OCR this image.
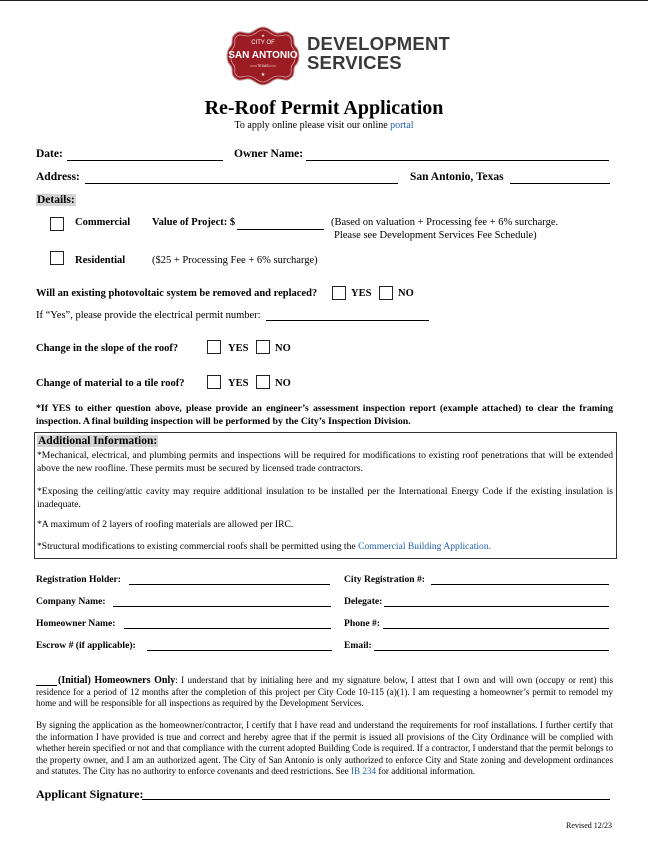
CITY OF
SAN ANTONIO
TEXAS
★
★ DEVELOPMENT
SERVICES
Re-Roof Permit Application
To apply online please visit our online portal
Date:	Owner Name:
Address:	San Antonio, Texas
Details:
Commercial Value of Project: $	(Based on valuation + Processing fee + 6% surcharge.
Please see Development Services Fee Schedule)
Residential	($25 + Processing Fee + 6% surcharge)
Will an existing photovoltaic system be removed and replaced?	YES	NO
If “Yes”, please provide the electrical permit number:
Change in the slope of the roof?	YES	NO
Change of material to a tile roof?	YES	NO

*If YES to either question above, please provide an engineer’s assessment inspection report (example attached) to clear the framing inspection. A final building inspection will be performed by the City’s Inspection Division.

Additional Information:

*Mechanical, electrical, and plumbing permits and inspections will be required for modifications to existing roof penetrations that will be extended above the new roofline. These permits must be secured by licensed trade contractors.

*Exposing the ceiling/attic cavity may require additional insulation to be installed per the International Energy Code if the existing insulation is inadequate.

*A maximum of 2 layers of roofing materials are allowed per IRC.

*Structural modifications to existing commercial roofs shall be permitted using the Commercial Building Application.

Registration Holder:	City Registration #:
Company Name:	Delegate:
Homeowner Name:	Phone #:
Escrow # (if applicable):	Email:

(Initial) Homeowners Only: I understand that by initialing here and my signature below, I attest that I own and will own (occupy or rent) this residence for a period of 12 months after the completion of this project per City Code 10-115 (a)(1). I am requesting a homeowner’s permit to remodel my home and will be responsible for all inspections as required by the Development Services.

By signing the application as the homeowner/contractor, I certify that I have read and understand the requirements for roof installations. I further certify that the information I have provided is true and correct and hereby agree that if the permit is issued all provisions of the City Ordinance will be complied with whether herein specified or not and that compliance with the current adopted Building Code is required. If a contractor, I understand that the permit belongs to the property owner, and I am an authorized agent. The City of San Antonio is only authorized to enforce City and State zoning and development ordinances and statutes. The City has no authority to enforce covenants and deed restrictions. See IB 234 for additional information.

Applicant Signature:
Revised 12/23
